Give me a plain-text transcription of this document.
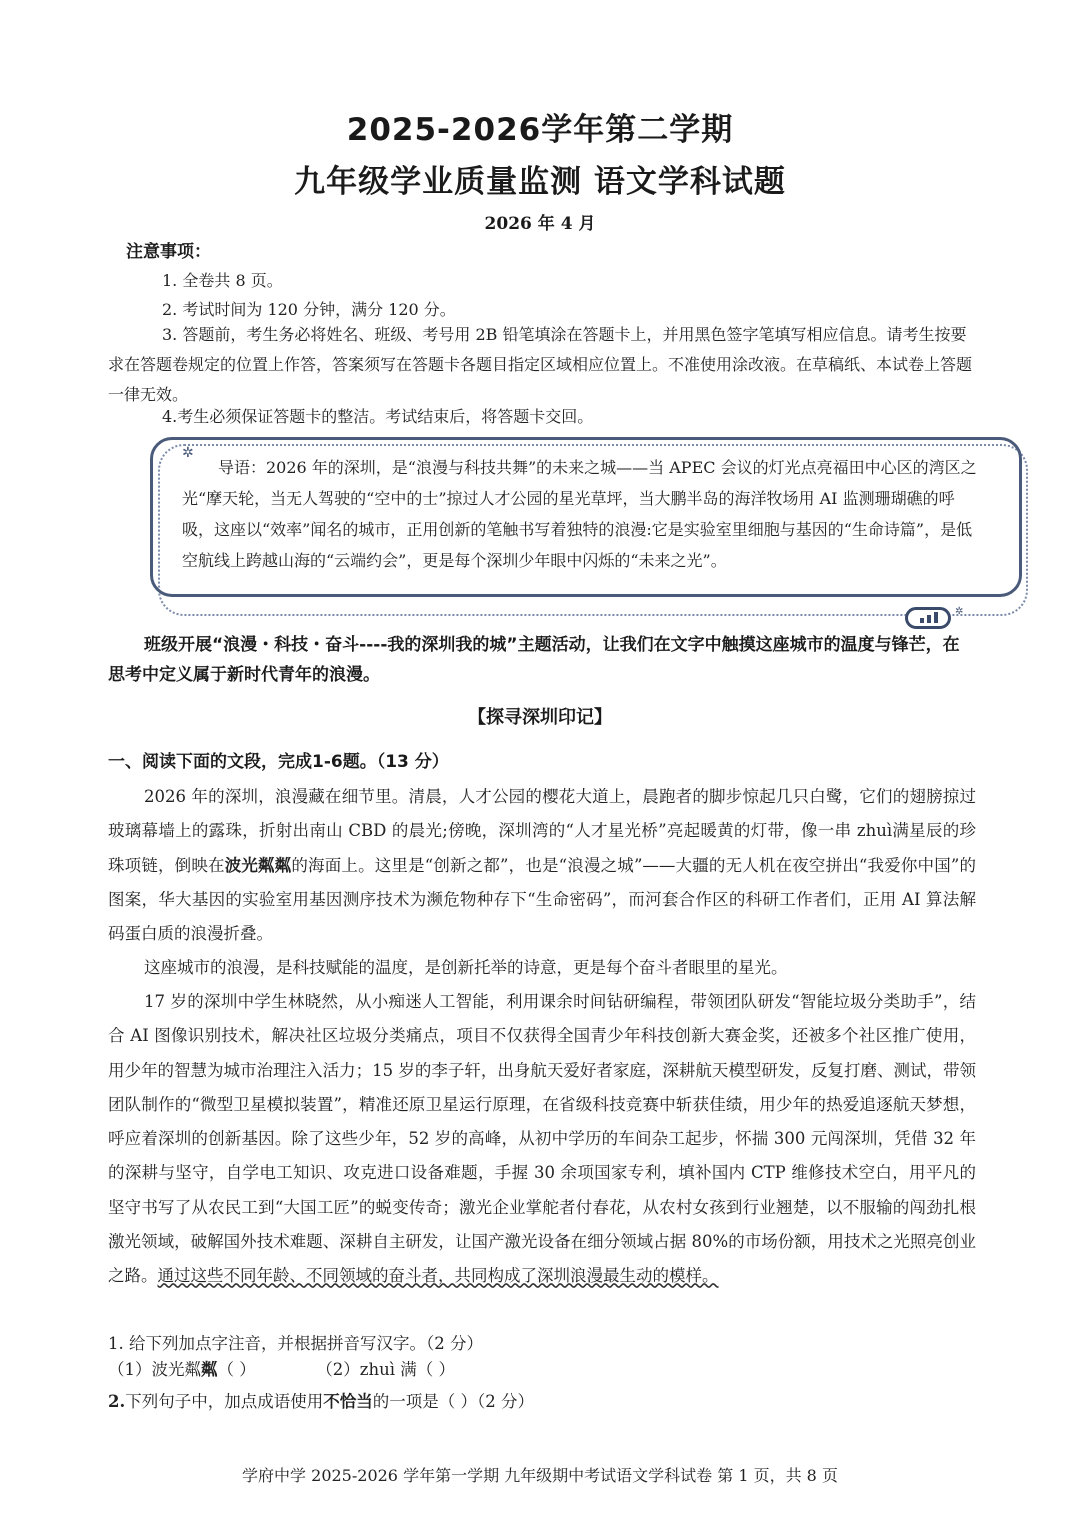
2025-2026学年第二学期
九年级学业质量监测 语文学科试题
2026 年 4 月
注意事项：
1. 全卷共 8 页。
2. 考试时间为 120 分钟，满分 120 分。
3. 答题前，考生务必将姓名、班级、考号用 2B 铅笔填涂在答题卡上，并用黑色签字笔填写相应信息。请考生按要求在答题卷规定的位置上作答，答案须写在答题卡各题目指定区域相应位置上。不准使用涂改液。在草稿纸、本试卷上答题一律无效。
4.考生必须保证答题卡的整洁。考试结束后，将答题卡交回。
✲
导语：2026 年的深圳，是“浪漫与科技共舞”的未来之城——当 APEC 会议的灯光点亮福田中心区的湾区之光“摩天轮，当无人驾驶的“空中的士”掠过人才公园的星光草坪，当大鹏半岛的海洋牧场用 AI 监测珊瑚礁的呼吸，这座以“效率”闻名的城市，正用创新的笔触书写着独特的浪漫:它是实验室里细胞与基因的“生命诗篇”，是低空航线上跨越山海的“云端约会”，更是每个深圳少年眼中闪烁的“未来之光”。
✲
班级开展“浪漫・科技・奋斗----我的深圳我的城”主题活动，让我们在文字中触摸这座城市的温度与锋芒，在思考中定义属于新时代青年的浪漫。
【探寻深圳印记】
一、阅读下面的文段，完成1-6题。（13 分）
2026 年的深圳，浪漫藏在细节里。清晨，人才公园的樱花大道上，晨跑者的脚步惊起几只白鹭，它们的翅膀掠过玻璃幕墙上的露珠，折射出南山 CBD 的晨光;傍晚，深圳湾的“人才星光桥”亮起暖黄的灯带，像一串 zhuì满星辰的珍珠项链，倒映在波光粼粼的海面上。这里是“创新之都”，也是“浪漫之城”——大疆的无人机在夜空拼出“我爱你中国”的图案，华大基因的实验室用基因测序技术为濒危物种存下“生命密码”，而河套合作区的科研工作者们，正用 AI 算法解码蛋白质的浪漫折叠。
这座城市的浪漫，是科技赋能的温度，是创新托举的诗意，更是每个奋斗者眼里的星光。
17 岁的深圳中学生林晓然，从小痴迷人工智能，利用课余时间钻研编程，带领团队研发“智能垃圾分类助手”，结合 AI 图像识别技术，解决社区垃圾分类痛点，项目不仅获得全国青少年科技创新大赛金奖，还被多个社区推广使用，用少年的智慧为城市治理注入活力；15 岁的李子轩，出身航天爱好者家庭，深耕航天模型研发，反复打磨、测试，带领团队制作的“微型卫星模拟装置”，精准还原卫星运行原理，在省级科技竞赛中斩获佳绩，用少年的热爱追逐航天梦想，呼应着深圳的创新基因。除了这些少年，52 岁的高峰，从初中学历的车间杂工起步，怀揣 300 元闯深圳，凭借 32 年的深耕与坚守，自学电工知识、攻克进口设备难题，手握 30 余项国家专利，填补国内 CTP 维修技术空白，用平凡的坚守书写了从农民工到“大国工匠”的蜕变传奇；激光企业掌舵者付春花，从农村女孩到行业翘楚，以不服输的闯劲扎根激光领域，破解国外技术难题、深耕自主研发，让国产激光设备在细分领域占据 80%的市场份额，用技术之光照亮创业之路。通过这些不同年龄、不同领域的奋斗者，共同构成了深圳浪漫最生动的模样。
1. 给下列加点字注音，并根据拼音写汉字。（2 分）
（1）波光粼粼（ ）	（2）zhuì 满（ ）
2.下列句子中，加点成语使用不恰当的一项是（ ）（2 分）
学府中学 2025-2026 学年第一学期 九年级期中考试语文学科试卷 第 1 页，共 8 页
